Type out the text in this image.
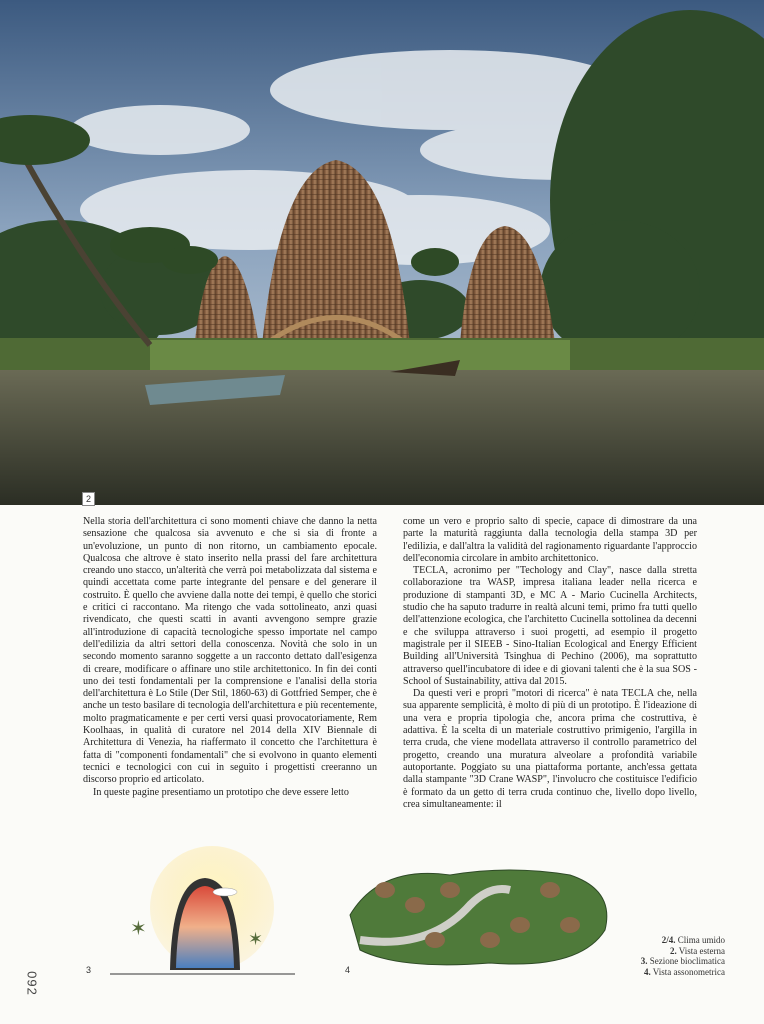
2

Nella storia dell'architettura ci sono momenti chiave che danno la netta sensazione che qualcosa sia avvenuto e che si sia di fronte a un'evoluzione, un punto di non ritorno, un cambiamento epocale. Qualcosa che altrove è stato inserito nella prassi del fare architettura creando uno stacco, un'alterità che verrà poi metabolizzata dal sistema e quindi accettata come parte integrante del pensare e del generare il costruito. È quello che avviene dalla notte dei tempi, è quello che storici e critici ci raccontano. Ma ritengo che vada sottolineato, anzi quasi rivendicato, che questi scatti in avanti avvengono sempre grazie all'introduzione di capacità tecnologiche spesso importate nel campo dell'edilizia da altri settori della conoscenza. Novità che solo in un secondo momento saranno soggette a un racconto dettato dall'esigenza di creare, modificare o affinare uno stile architettonico. In fin dei conti uno dei testi fondamentali per la comprensione e l'analisi della storia dell'architettura è Lo Stile (Der Stil, 1860-63) di Gottfried Semper, che è anche un testo basilare di tecnologia dell'architettura e più recentemente, molto pragmaticamente e per certi versi quasi provocatoriamente, Rem Koolhaas, in qualità di curatore nel 2014 della XIV Biennale di Architettura di Venezia, ha riaffermato il concetto che l'architettura è fatta di "componenti fondamentali" che si evolvono in quanto elementi tecnici e tecnologici con cui in seguito i progettisti creeranno un discorso proprio ed articolato.

In queste pagine presentiamo un prototipo che deve essere letto

come un vero e proprio salto di specie, capace di dimostrare da una parte la maturità raggiunta dalla tecnologia della stampa 3D per l'edilizia, e dall'altra la validità del ragionamento riguardante l'approccio dell'economia circolare in ambito architettonico.

TECLA, acronimo per "Techology and Clay", nasce dalla stretta collaborazione tra WASP, impresa italiana leader nella ricerca e produzione di stampanti 3D, e MC A - Mario Cucinella Architects, studio che ha saputo tradurre in realtà alcuni temi, primo fra tutti quello dell'attenzione ecologica, che l'architetto Cucinella sottolinea da decenni e che sviluppa attraverso i suoi progetti, ad esempio il progetto magistrale per il SIEEB - Sino-Italian Ecological and Energy Efficient Building all'Università Tsinghua di Pechino (2006), ma soprattutto attraverso quell'incubatore di idee e di giovani talenti che è la sua SOS - School of Sustainability, attiva dal 2015.

Da questi veri e propri "motori di ricerca" è nata TECLA che, nella sua apparente semplicità, è molto di più di un prototipo. È l'ideazione di una vera e propria tipologia che, ancora prima che costruttiva, è adattiva. È la scelta di un materiale costruttivo primigenio, l'argilla in terra cruda, che viene modellata attraverso il controllo parametrico del progetto, creando una muratura alveolare a profondità variabile autoportante. Poggiato su una piattaforma portante, anch'essa gettata dalla stampante "3D Crane WASP", l'involucro che costituisce l'edificio è formato da un getto di terra cruda continuo che, livello dopo livello, crea simultaneamente: il

✶	✶
3	4
2/4. Clima umido
2. Vista esterna
3. Sezione bioclimatica
4. Vista assonometrica
092
